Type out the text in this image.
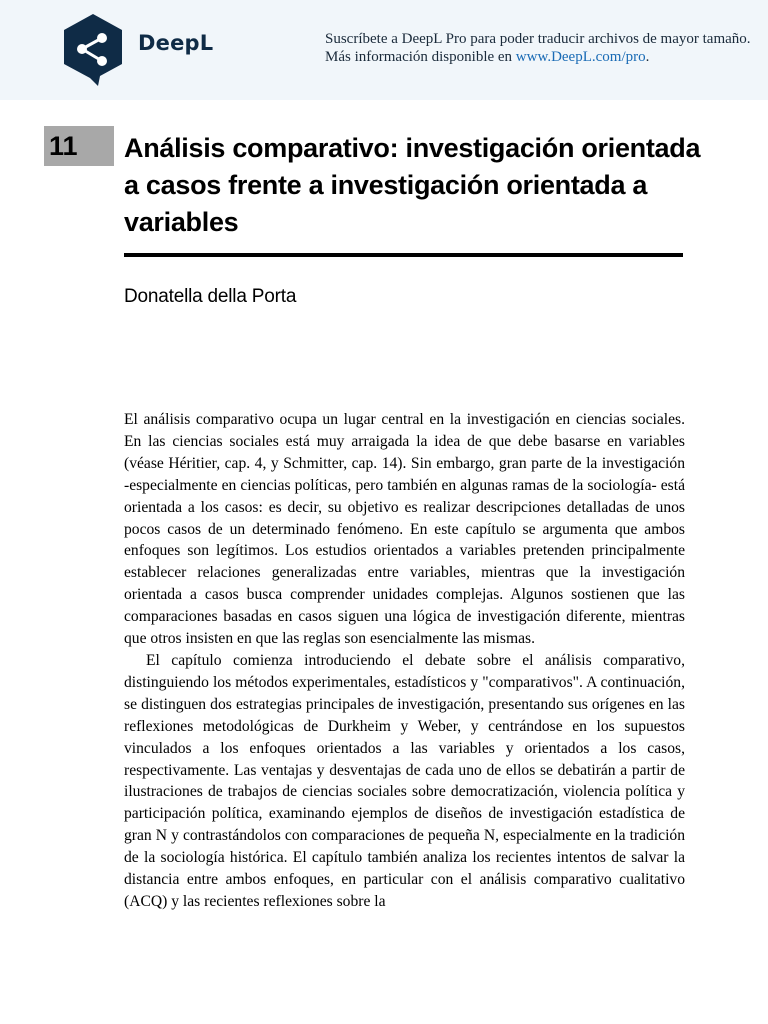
DeepL	Suscríbete a DeepL Pro para poder traducir archivos de mayor tamaño.
Más información disponible en www.DeepL.com/pro.
11 Análisis comparativo: investigación orientada a casos frente a investigación orientada a variables
Donatella della Porta

El análisis comparativo ocupa un lugar central en la investigación en ciencias sociales. En las ciencias sociales está muy arraigada la idea de que debe basarse en variables (véase Héritier, cap. 4, y Schmitter, cap. 14). Sin embargo, gran parte de la investigación -especialmente en ciencias políticas, pero también en algunas ramas de la sociología- está orientada a los casos: es decir, su objetivo es realizar descripciones detalladas de unos pocos casos de un determinado fenómeno. En este capítulo se argumenta que ambos enfoques son legítimos. Los estudios orientados a variables pretenden principalmente establecer relaciones generalizadas entre variables, mientras que la investigación orientada a casos busca comprender unidades complejas. Algunos sostienen que las comparaciones basadas en casos siguen una lógica de investigación diferente, mientras que otros insisten en que las reglas son esencialmente las mismas.

El capítulo comienza introduciendo el debate sobre el análisis comparativo, distinguiendo los métodos experimentales, estadísticos y "comparativos". A continuación, se distinguen dos estrategias principales de investigación, presentando sus orígenes en las reflexiones metodológicas de Durkheim y Weber, y centrándose en los supuestos vinculados a los enfoques orientados a las variables y orientados a los casos, respectivamente. Las ventajas y desventajas de cada uno de ellos se debatirán a partir de ilustraciones de trabajos de ciencias sociales sobre democratización, violencia política y participación política, examinando ejemplos de diseños de investigación estadística de gran N y contrastándolos con comparaciones de pequeña N, especialmente en la tradición de la sociología histórica. El capítulo también analiza los recientes intentos de salvar la distancia entre ambos enfoques, en particular con el análisis comparativo cualitativo (ACQ) y las recientes reflexiones sobre la
